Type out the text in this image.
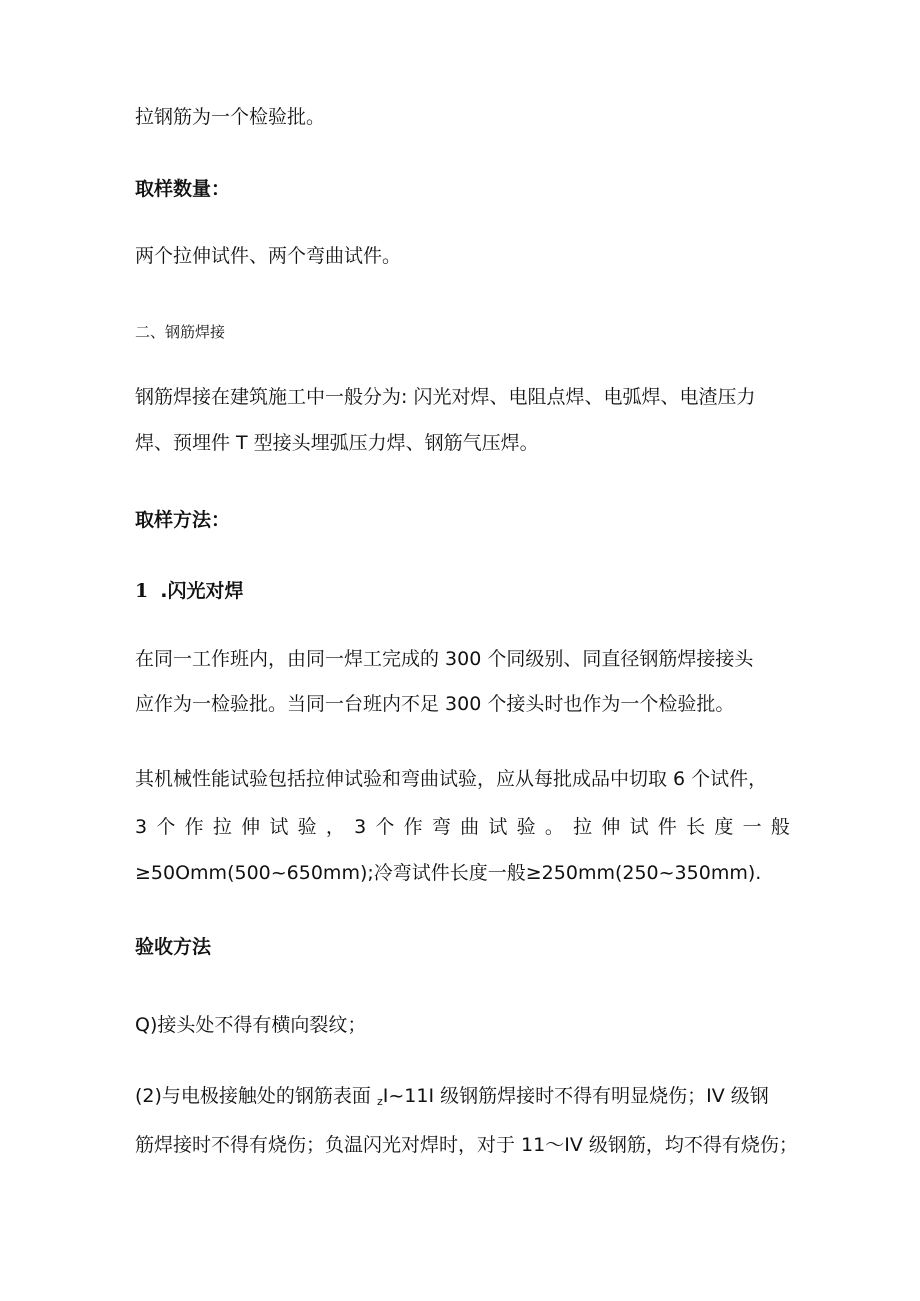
拉钢筋为一个检验批。
取样数量：
两个拉伸试件、两个弯曲试件。
二、钢筋焊接
钢筋焊接在建筑施工中一般分为: 闪光对焊、电阻点焊、电弧焊、电渣压力
焊、预埋件 T 型接头埋弧压力焊、钢筋气压焊。
取样方法：
1 .闪光对焊
在同一工作班内，由同一焊工完成的 300 个同级别、同直径钢筋焊接接头
应作为一检验批。当同一台班内不足 300 个接头时也作为一个检验批。
其机械性能试验包括拉伸试验和弯曲试验，应从每批成品中切取 6 个试件，
3 个 作 拉 伸 试 验 ， 3 个 作 弯 曲 试 验 。 拉 伸 试 件 长 度 一 般
≥50Omm(500~650mm);冷弯试件长度一般≥250mm(250~350mm).
验收方法
Q)接头处不得有横向裂纹；
(2)与电极接触处的钢筋表面 $_z$I~11I 级钢筋焊接时不得有明显烧伤；IV 级钢
筋焊接时不得有烧伤；负温闪光对焊时，对于 11～IV 级钢筋，均不得有烧伤；
